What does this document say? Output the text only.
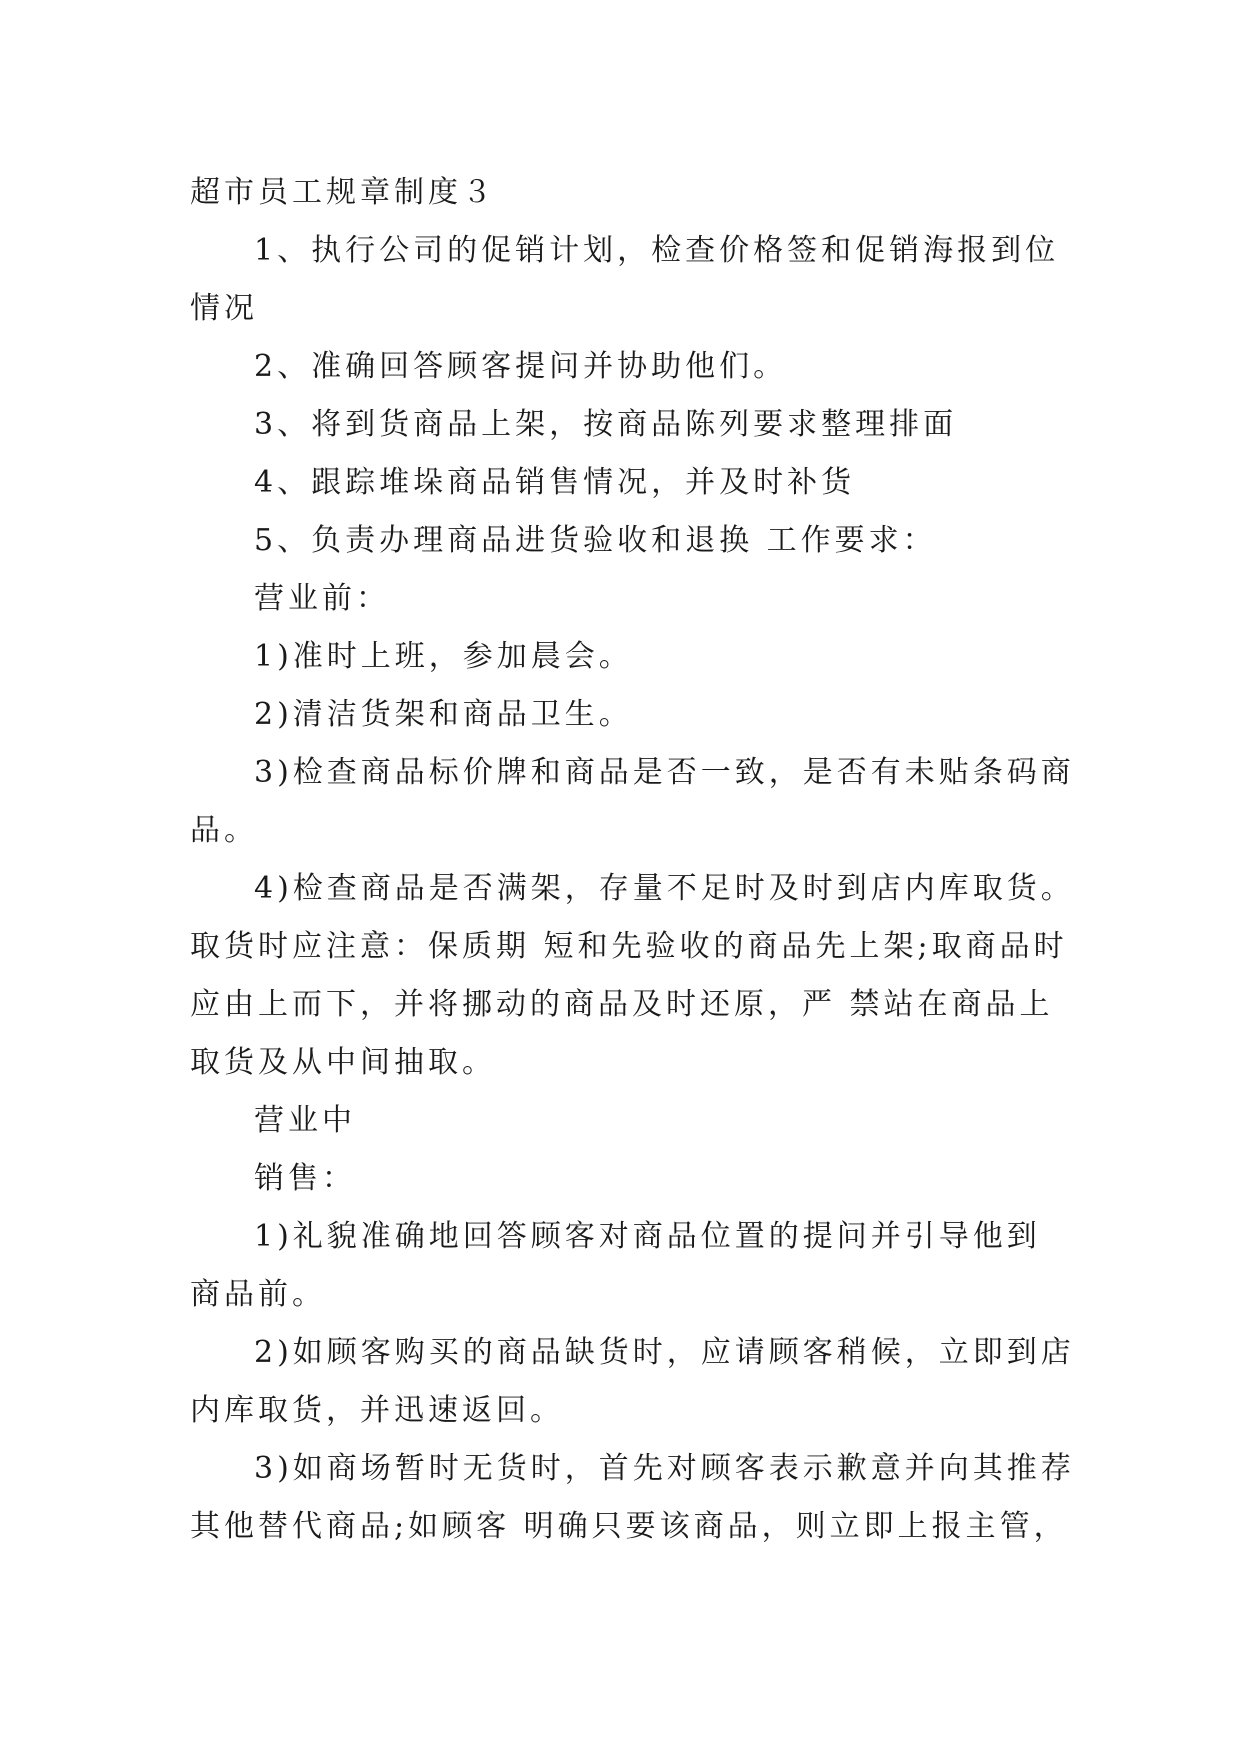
超市员工规章制度３
1、执行公司的促销计划，检查价格签和促销海报到位
情况
2、准确回答顾客提问并协助他们。
3、将到货商品上架，按商品陈列要求整理排面
4、跟踪堆垛商品销售情况，并及时补货
5、负责办理商品进货验收和退换 工作要求：
营业前：
1)准时上班，参加晨会。
2)清洁货架和商品卫生。
3)检查商品标价牌和商品是否一致，是否有未贴条码商
品。
4)检查商品是否满架，存量不足时及时到店内库取货。
取货时应注意：保质期 短和先验收的商品先上架;取商品时
应由上而下，并将挪动的商品及时还原，严 禁站在商品上
取货及从中间抽取。
营业中
销售：
1)礼貌准确地回答顾客对商品位置的提问并引导他到
商品前。
2)如顾客购买的商品缺货时，应请顾客稍候，立即到店
内库取货，并迅速返回。
3)如商场暂时无货时，首先对顾客表示歉意并向其推荐
其他替代商品;如顾客 明确只要该商品，则立即上报主管，
